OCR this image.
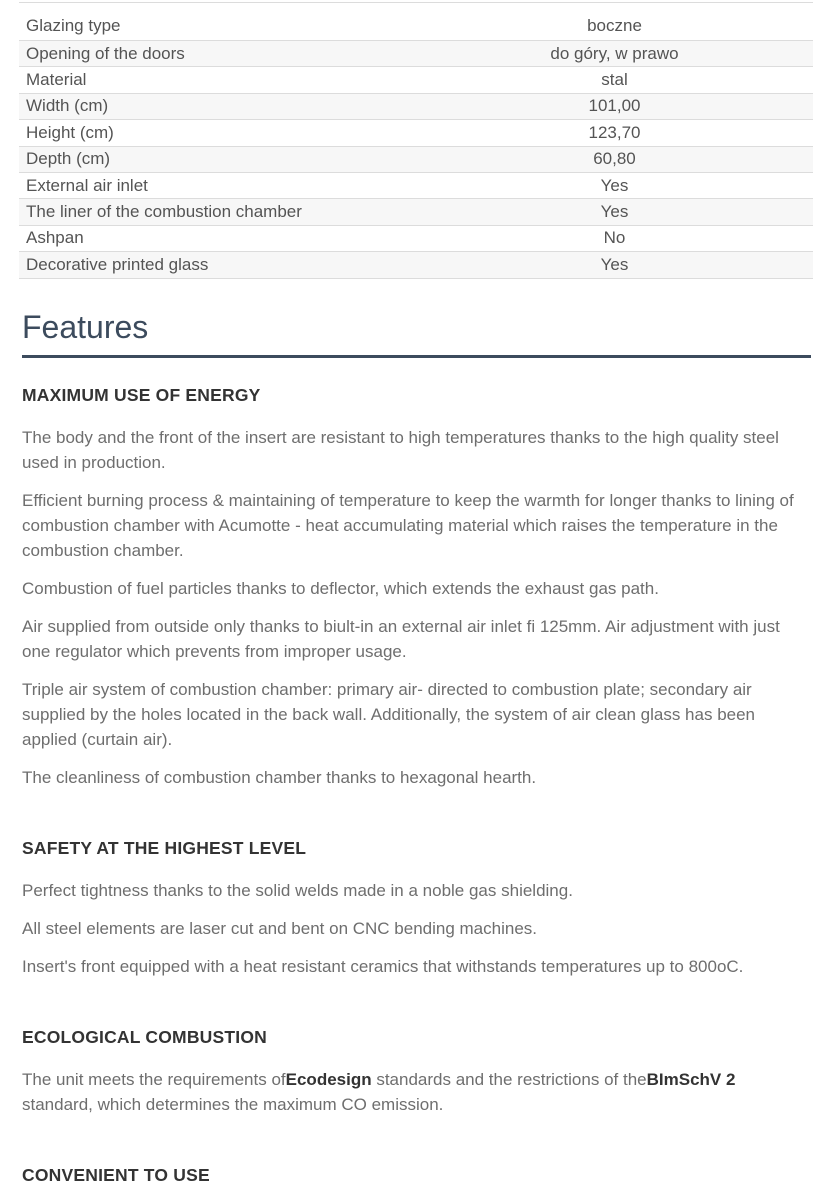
Glazing type	boczne
Opening of the doors	do góry, w prawo
Material	stal
Width (cm)	101,00
Height (cm)	123,70
Depth (cm)	60,80
External air inlet	Yes
The liner of the combustion chamber	Yes
Ashpan	No
Decorative printed glass	Yes
Features
MAXIMUM USE OF ENERGY

The body and the front of the insert are resistant to high temperatures thanks to the high quality steel used in production.

Efficient burning process & maintaining of temperature to keep the warmth for longer thanks to lining of combustion chamber with Acumotte - heat accumulating material which raises the temperature in the combustion chamber.

Combustion of fuel particles thanks to deflector, which extends the exhaust gas path.

Air supplied from outside only thanks to biult-in an external air inlet fi 125mm. Air adjustment with just one regulator which prevents from improper usage.

Triple air system of combustion chamber: primary air- directed to combustion plate; secondary air supplied by the holes located in the back wall. Additionally, the system of air clean glass has been applied (curtain air).

The cleanliness of combustion chamber thanks to hexagonal hearth.

SAFETY AT THE HIGHEST LEVEL

Perfect tightness thanks to the solid welds made in a noble gas shielding.

All steel elements are laser cut and bent on CNC bending machines.

Insert's front equipped with a heat resistant ceramics that withstands temperatures up to 800oC.

ECOLOGICAL COMBUSTION

The unit meets the requirements ofEcodesign standards and the restrictions of theBImSchV 2 standard, which determines the maximum CO emission.

CONVENIENT TO USE
